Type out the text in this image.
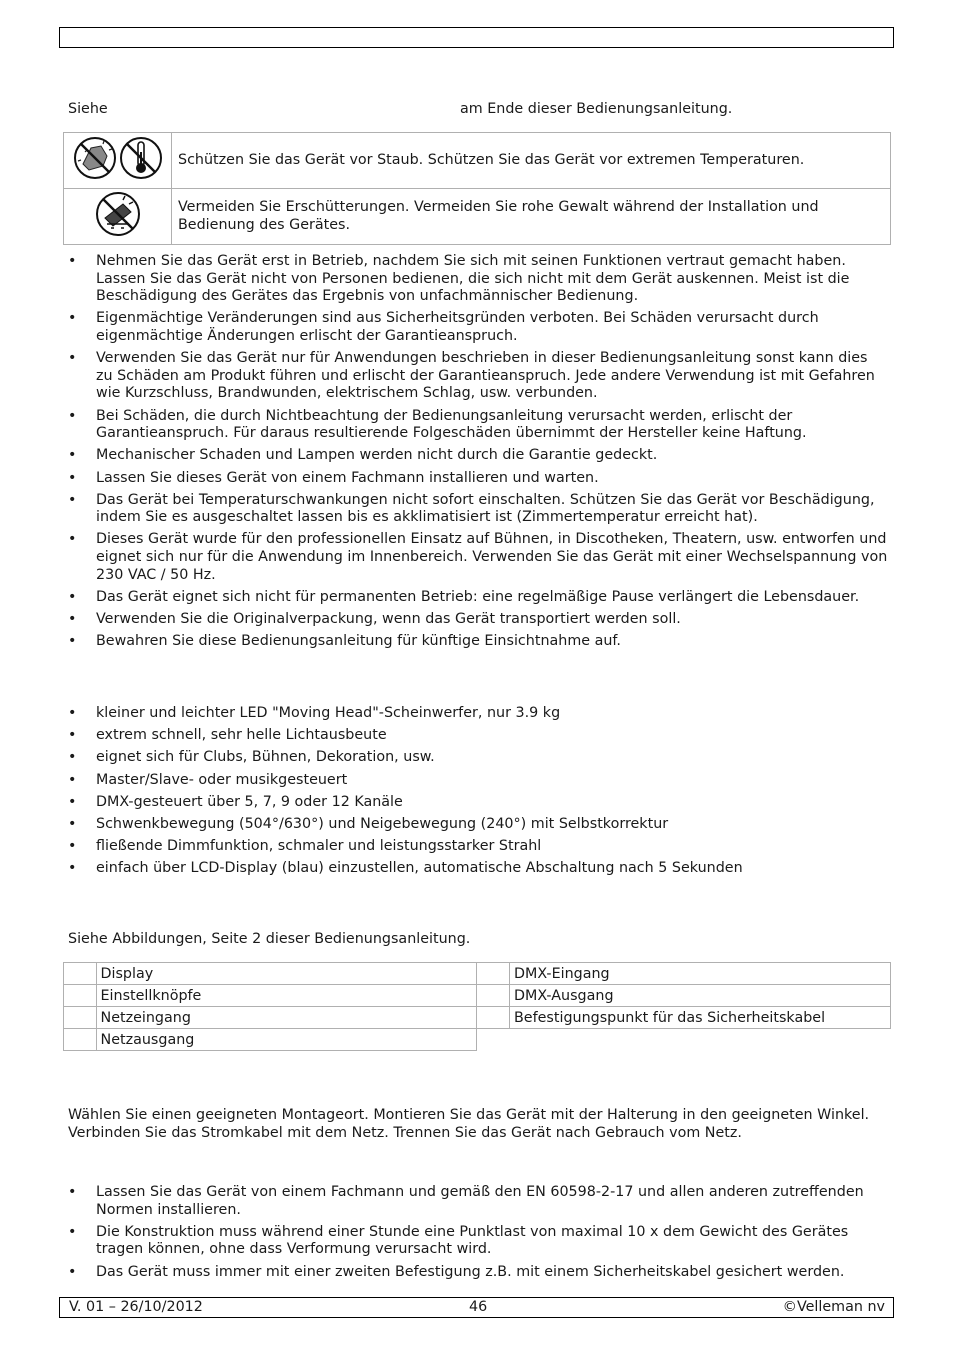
Siehe	am Ende dieser Bedienungsanleitung.
	Schützen Sie das Gerät vor Staub. Schützen Sie das Gerät vor extremen Temperaturen.
	Vermeiden Sie Erschütterungen. Vermeiden Sie rohe Gewalt während der Installation und Bedienung des Gerätes.
• Nehmen Sie das Gerät erst in Betrieb, nachdem Sie sich mit seinen Funktionen vertraut gemacht haben. Lassen Sie das Gerät nicht von Personen bedienen, die sich nicht mit dem Gerät auskennen. Meist ist die Beschädigung des Gerätes das Ergebnis von unfachmännischer Bedienung.
• Eigenmächtige Veränderungen sind aus Sicherheitsgründen verboten. Bei Schäden verursacht durch eigenmächtige Änderungen erlischt der Garantieanspruch.
• Verwenden Sie das Gerät nur für Anwendungen beschrieben in dieser Bedienungsanleitung sonst kann dies zu Schäden am Produkt führen und erlischt der Garantieanspruch. Jede andere Verwendung ist mit Gefahren wie Kurzschluss, Brandwunden, elektrischem Schlag, usw. verbunden.
• Bei Schäden, die durch Nichtbeachtung der Bedienungsanleitung verursacht werden, erlischt der Garantieanspruch. Für daraus resultierende Folgeschäden übernimmt der Hersteller keine Haftung.
• Mechanischer Schaden und Lampen werden nicht durch die Garantie gedeckt.
• Lassen Sie dieses Gerät von einem Fachmann installieren und warten.
• Das Gerät bei Temperaturschwankungen nicht sofort einschalten. Schützen Sie das Gerät vor Beschädigung, indem Sie es ausgeschaltet lassen bis es akklimatisiert ist (Zimmertemperatur erreicht hat).
• Dieses Gerät wurde für den professionellen Einsatz auf Bühnen, in Discotheken, Theatern, usw. entworfen und eignet sich nur für die Anwendung im Innenbereich. Verwenden Sie das Gerät mit einer Wechselspannung von 230 VAC / 50 Hz.
• Das Gerät eignet sich nicht für permanenten Betrieb: eine regelmäßige Pause verlängert die Lebensdauer.
• Verwenden Sie die Originalverpackung, wenn das Gerät transportiert werden soll.
• Bewahren Sie diese Bedienungsanleitung für künftige Einsichtnahme auf.
• kleiner und leichter LED "Moving Head"-Scheinwerfer, nur 3.9 kg
• extrem schnell, sehr helle Lichtausbeute
• eignet sich für Clubs, Bühnen, Dekoration, usw.
• Master/Slave- oder musikgesteuert
• DMX-gesteuert über 5, 7, 9 oder 12 Kanäle
• Schwenkbewegung (504°/630°) und Neigebewegung (240°) mit Selbstkorrektur
• fließende Dimmfunktion, schmaler und leistungsstarker Strahl
• einfach über LCD-Display (blau) einzustellen, automatische Abschaltung nach 5 Sekunden
Siehe Abbildungen, Seite 2 dieser Bedienungsanleitung.
	Display		DMX-Eingang
	Einstellknöpfe		DMX-Ausgang
	Netzeingang		Befestigungspunkt für das Sicherheitskabel
	Netzausgang		
Wählen Sie einen geeigneten Montageort. Montieren Sie das Gerät mit der Halterung in den geeigneten Winkel.
Verbinden Sie das Stromkabel mit dem Netz. Trennen Sie das Gerät nach Gebrauch vom Netz.
• Lassen Sie das Gerät von einem Fachmann und gemäß den EN 60598-2-17 und allen anderen zutreffenden Normen installieren.
• Die Konstruktion muss während einer Stunde eine Punktlast von maximal 10 x dem Gewicht des Gerätes tragen können, ohne dass Verformung verursacht wird.
• Das Gerät muss immer mit einer zweiten Befestigung z.B. mit einem Sicherheitskabel gesichert werden.
V. 01 – 26/10/2012	46	©Velleman nv
